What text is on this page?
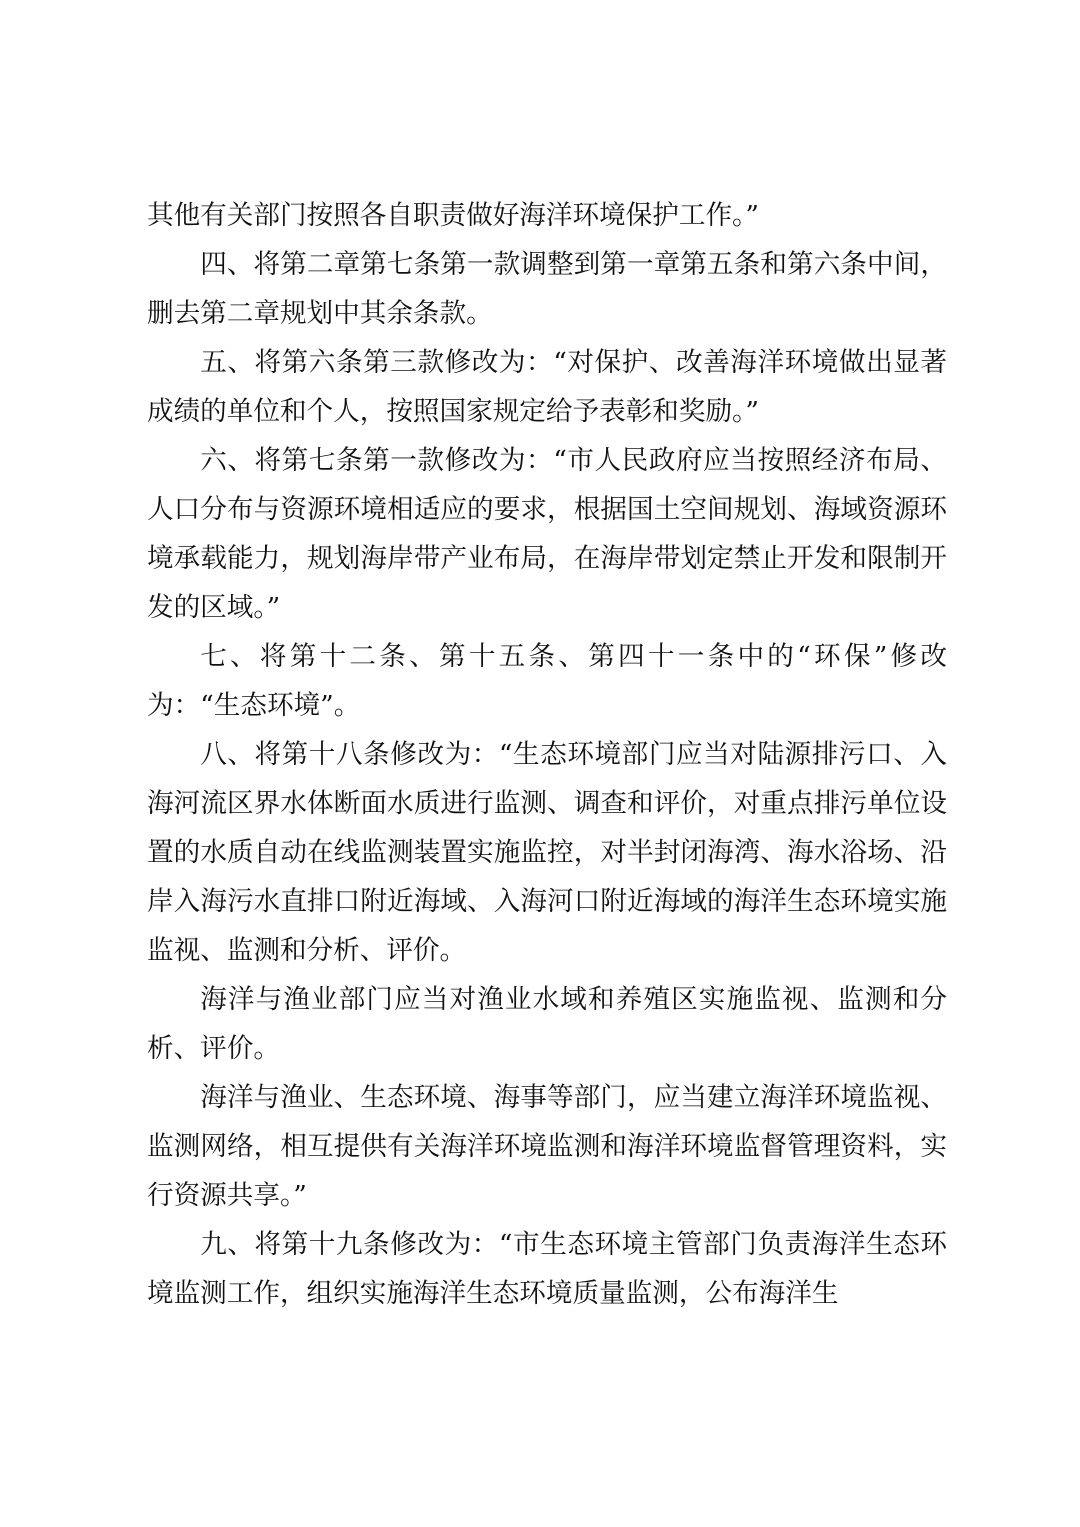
其他有关部门按照各自职责做好海洋环境保护工作。”

四、将第二章第七条第一款调整到第一章第五条和第六条中间，删去第二章规划中其余条款。

五、将第六条第三款修改为：“对保护、改善海洋环境做出显著成绩的单位和个人，按照国家规定给予表彰和奖励。”

六、将第七条第一款修改为：“市人民政府应当按照经济布局、人口分布与资源环境相适应的要求，根据国土空间规划、海域资源环境承载能力，规划海岸带产业布局，在海岸带划定禁止开发和限制开发的区域。”

七、将第十二条、第十五条、第四十一条中的“环保”修改为：“生态环境”。

八、将第十八条修改为：“生态环境部门应当对陆源排污口、入海河流区界水体断面水质进行监测、调查和评价，对重点排污单位设置的水质自动在线监测装置实施监控，对半封闭海湾、海水浴场、沿岸入海污水直排口附近海域、入海河口附近海域的海洋生态环境实施监视、监测和分析、评价。

海洋与渔业部门应当对渔业水域和养殖区实施监视、监测和分析、评价。

海洋与渔业、生态环境、海事等部门，应当建立海洋环境监视、监测网络，相互提供有关海洋环境监测和海洋环境监督管理资料，实行资源共享。”

九、将第十九条修改为：“市生态环境主管部门负责海洋生态环境监测工作，组织实施海洋生态环境质量监测，公布海洋生
